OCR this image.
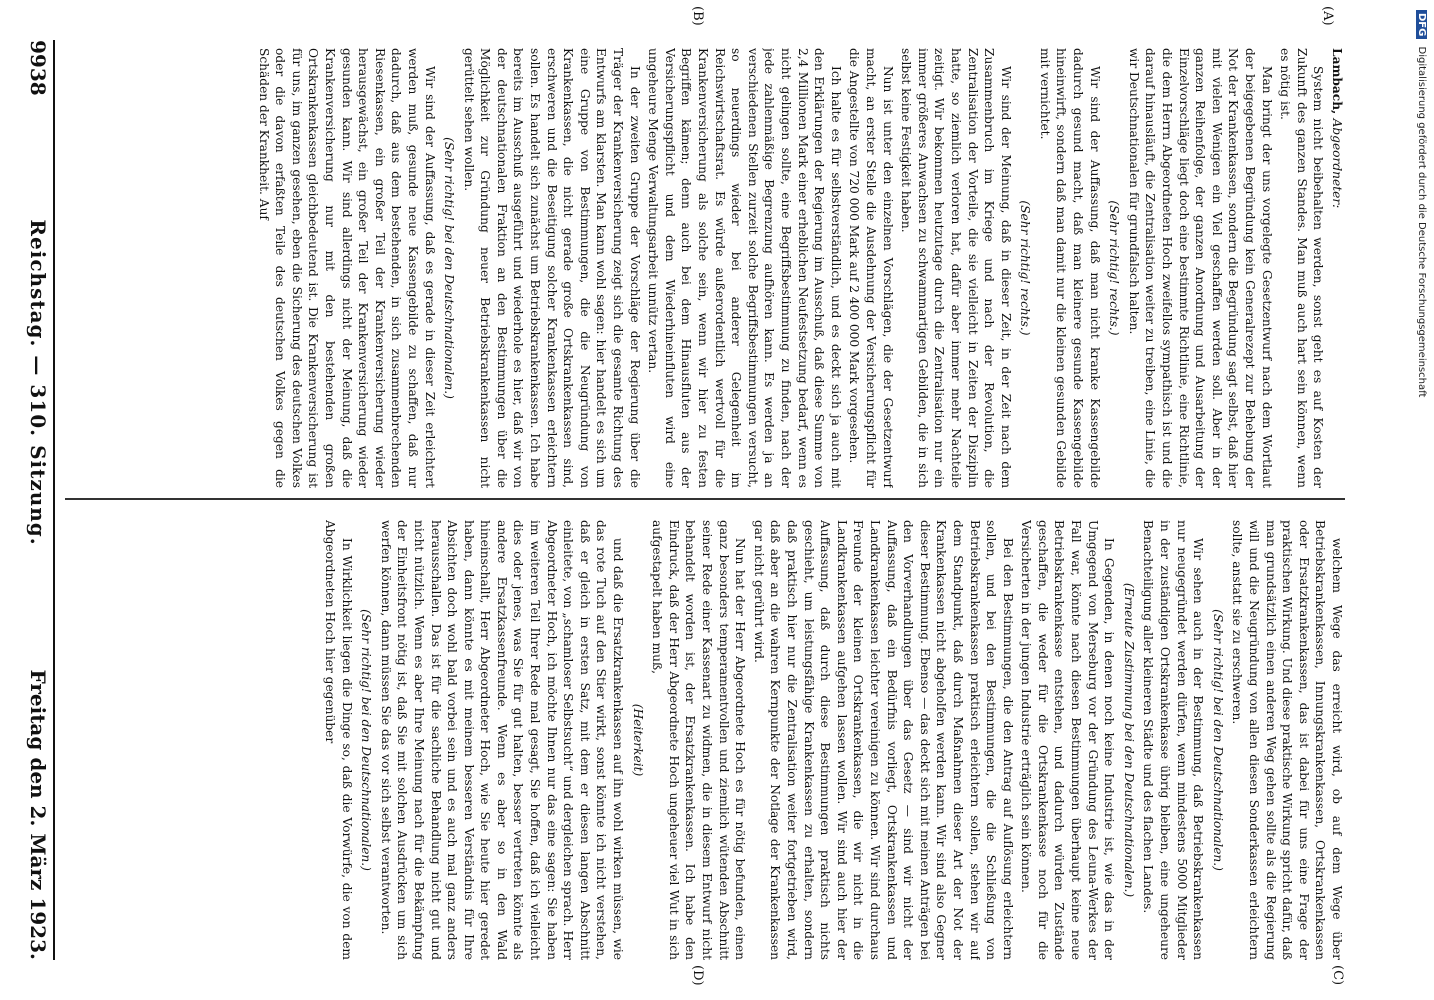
9938
Reichstag. — 310. Sitzung.
Freitag den 2. März 1923.
(A)
(B)
(C)
(D)

Lambach, Abgeordneter:

System nicht beibehalten werden, sonst geht es auf Kosten der Zukunft des ganzen Standes. Man muß auch hart sein können, wenn es nötig ist.

Man bringt der uns vorgelegte Gesetzentwurf nach dem Wortlaut der beigegebenen Begründung kein Generalrezept zur Behebung der Not der Krankenkassen, sondern die Begründung sagt selbst, daß hier mit vielen Wenigen ein Viel geschaffen werden soll. Aber in der ganzen Reihenfolge, der ganzen Anordnung und Ausarbeitung der Einzelvorschläge liegt doch eine bestimmte Richtlinie, eine Richtlinie, die dem Herrn Abgeordneten Hoch zweifellos sympathisch ist und die darauf hinausläuft, die Zentralisation weiter zu treiben, eine Linie, die wir Deutschnationalen für grundfalsch halten.

(Sehr richtig! rechts.)

Wir sind der Auffassung, daß man nicht kranke Kassengebilde dadurch gesund macht, daß man kleinere gesunde Kassengebilde hineinwirft, sondern daß man damit nur die kleinen gesunden Gebilde mit vernichtet.

(Sehr richtig! rechts.)

Wir sind der Meinung, daß in dieser Zeit, in der Zeit nach dem Zusammenbruch im Kriege und nach der Revolution, die Zentralisation der Vorteile, die sie vielleicht in Zeiten der Disziplin hatte, so ziemlich verloren hat, dafür aber immer mehr Nachteile zeitigt. Wir bekommen heutzutage durch die Zentralisation nur ein immer größeres Anwachsen zu schwammartigen Gebilden, die in sich selbst keine Festigkeit haben.

Nun ist unter den einzelnen Vorschlägen, die der Gesetzentwurf macht, an erster Stelle die Ausdehnung der Versicherungspflicht für die Angestellte von 720 000 Mark auf 2 400 000 Mark vorgesehen.

Ich halte es für selbstverständlich, und es deckt sich ja auch mit den Erklärungen der Regierung im Ausschuß, daß diese Summe von 2,4 Millionen Mark einer erheblichen Neufestsetzung bedarf, wenn es nicht gelingen sollte, eine Begriffsbestimmung zu finden, nach der jede zahlenmäßige Begrenzung aufhören kann. Es werden ja an verschiedenen Stellen zurzeit solche Begriffsbestimmungen versucht, so neuerdings wieder bei anderer Gelegenheit im Reichswirtschaftsrat. Es würde außerordentlich wertvoll für die Krankenversicherung als solche sein, wenn wir hier zu festen Begriffen kämen; denn auch bei dem Hinausfluten aus der Versicherungspflicht und dem Wiederhineinfluten wird eine ungeheure Menge Verwaltungsarbeit unnütz vertan.

In der zweiten Gruppe der Vorschläge der Regierung über die Träger der Krankenversicherung zeigt sich die gesamte Richtung des Entwurfs am klarsten. Man kann wohl sagen: hier handelt es sich um eine Gruppe von Bestimmungen, die die Neugründung von Krankenkassen, die nicht gerade große Ortskrankenkassen sind, erschweren und die Beseitigung solcher Krankenkassen erleichtern sollen. Es handelt sich zunächst um Betriebskrankenkassen. Ich habe bereits im Ausschuß ausgeführt und wiederhole es hier, daß wir von der deutschnationalen Fraktion an den Bestimmungen über die Möglichkeit zur Gründung neuer Betriebskrankenkassen nicht gerüttelt sehen wollen.

(Sehr richtig! bei den Deutschnationalen.)

Wir sind der Auffassung, daß es gerade in dieser Zeit erleichtert werden muß, gesunde neue Kassengebilde zu schaffen, daß nur dadurch, daß aus dem bestehenden, in sich zusammenbrechenden Riesenkassen, ein großer Teil der Krankenversicherung wieder herausgewächst, ein großer Teil der Krankenversicherung wieder gesunden kann. Wir sind allerdings nicht der Meinung, daß die Krankenversicherung nur mit den bestehenden großen Ortskrankenkassen gleichbedeutend ist. Die Krankenversicherung ist für uns, im ganzen gesehen, eben die Sicherung des deutschen Volkes oder die davon erfaßten Teile des deutschen Volkes gegen die Schäden der Krankheit. Auf

welchem Wege das erreicht wird, ob auf dem Wege über Betriebskrankenkassen, Innungskrankenkassen, Ortskrankenkassen oder Ersatzkrankenkassen, das ist dabei für uns eine Frage der praktischen Wirkung. Und diese praktische Wirkung spricht dafür, daß man grundsätzlich einen anderen Weg gehen sollte als die Regierung will und die Neugründung von allen diesen Sonderkassen erleichtern sollte, anstatt sie zu erschweren.

(Sehr richtig! bei den Deutschnationalen.)

Wir sehen auch in der Bestimmung, daß Betriebskrankenkassen nur neugegründet werden dürfen, wenn mindestens 5000 Mitglieder in der zuständigen Ortskrankenkasse übrig bleiben, eine ungeheure Benachteiligung aller kleineren Städte und des flachen Landes.

(Erneute Zustimmung bei den Deutschnationalen.)

In Gegenden, in denen noch keine Industrie ist, wie das in der Umgegend von Merseburg vor der Gründung des Leuna-Werkes der Fall war, könnte nach diesen Bestimmungen überhaupt keine neue Betriebskrankenkasse entstehen, und dadurch würden Zustände geschaffen, die weder für die Ortskrankenkasse noch für die Versicherten in der jungen Industrie erträglich sein können.

Bei den Bestimmungen, die den Antrag auf Auflösung erleichtern sollen, und bei den Bestimmungen, die die Schließung von Betriebskrankenkassen praktisch erleichtern sollen, stehen wir auf dem Standpunkt, daß durch Maßnahmen dieser Art der Not der Krankenkassen nicht abgeholfen werden kann. Wir sind also Gegner dieser Bestimmung. Ebenso — das deckt sich mit meinen Anträgen bei den Vorverhandlungen über das Gesetz — sind wir nicht der Auffassung, daß ein Bedürfnis vorliegt, Ortskrankenkassen und Landkrankenkassen leichter vereinigen zu können. Wir sind durchaus Freunde der kleinen Ortskrankenkassen, die wir nicht in die Landkrankenkassen aufgehen lassen wollen. Wir sind auch hier der Auffassung, daß durch diese Bestimmungen praktisch nichts geschieht, um leistungsfähige Krankenkassen zu erhalten, sondern daß praktisch hier nur die Zentralisation weiter fortgetrieben wird, daß aber an die wahren Kernpunkte der Notlage der Krankenkassen gar nicht gerührt wird.

Nun hat der Herr Abgeordnete Hoch es für nötig befunden, einen ganz besonders temperamentvollen und ziemlich wütenden Abschnitt seiner Rede einer Kassenart zu widmen, die in diesem Entwurf nicht behandelt worden ist, der Ersatzkrankenkassen. Ich habe den Eindruck, daß der Herr Abgeordnete Hoch ungeheuer viel Wut in sich aufgestapelt haben muß,

(Heiterkeit)

und daß die Ersatzkrankenkassen auf ihn wohl wirken müssen, wie das rote Tuch auf den Stier wirkt, sonst könnte ich nicht verstehen, daß er gleich in ersten Satz, mit dem er diesen langen Abschnitt einleitete, von „schamloser Selbstsucht“ und dergleichen sprach. Herr Abgeordneter Hoch, ich möchte Ihnen nur das eine sagen: Sie haben im weiteren Teil Ihrer Rede mal gesagt, Sie hoffen, daß ich vielleicht dies oder jenes, was Sie für gut halten, besser vertreten könnte als andere Ersatzkassenfreunde. Wenn es aber so in den Wald hineinschallt, Herr Abgeordneter Hoch, wie Sie heute hier geredet haben, dann könnte es mit meinem besseren Verständnis für Ihre Absichten doch wohl bald vorbei sein und es auch mal ganz anders herausschallen. Das ist für die sachliche Behandlung nicht gut und nicht nützlich. Wenn es aber Ihre Meinung nach für die Bekämpfung der Einheitsfront nötig ist, daß Sie mit solchen Ausdrücken um sich werfen können, dann müssen Sie das vor sich selbst verantworten.

(Sehr richtig! bei den Deutschnationalen.)

In Wirklichkeit liegen die Dinge so, daß die Vorwürfe, die von dem Abgeordneten Hoch hier gegenüber

DFG Digitalisierung gefördert durch die Deutsche Forschungsgemeinschaft
